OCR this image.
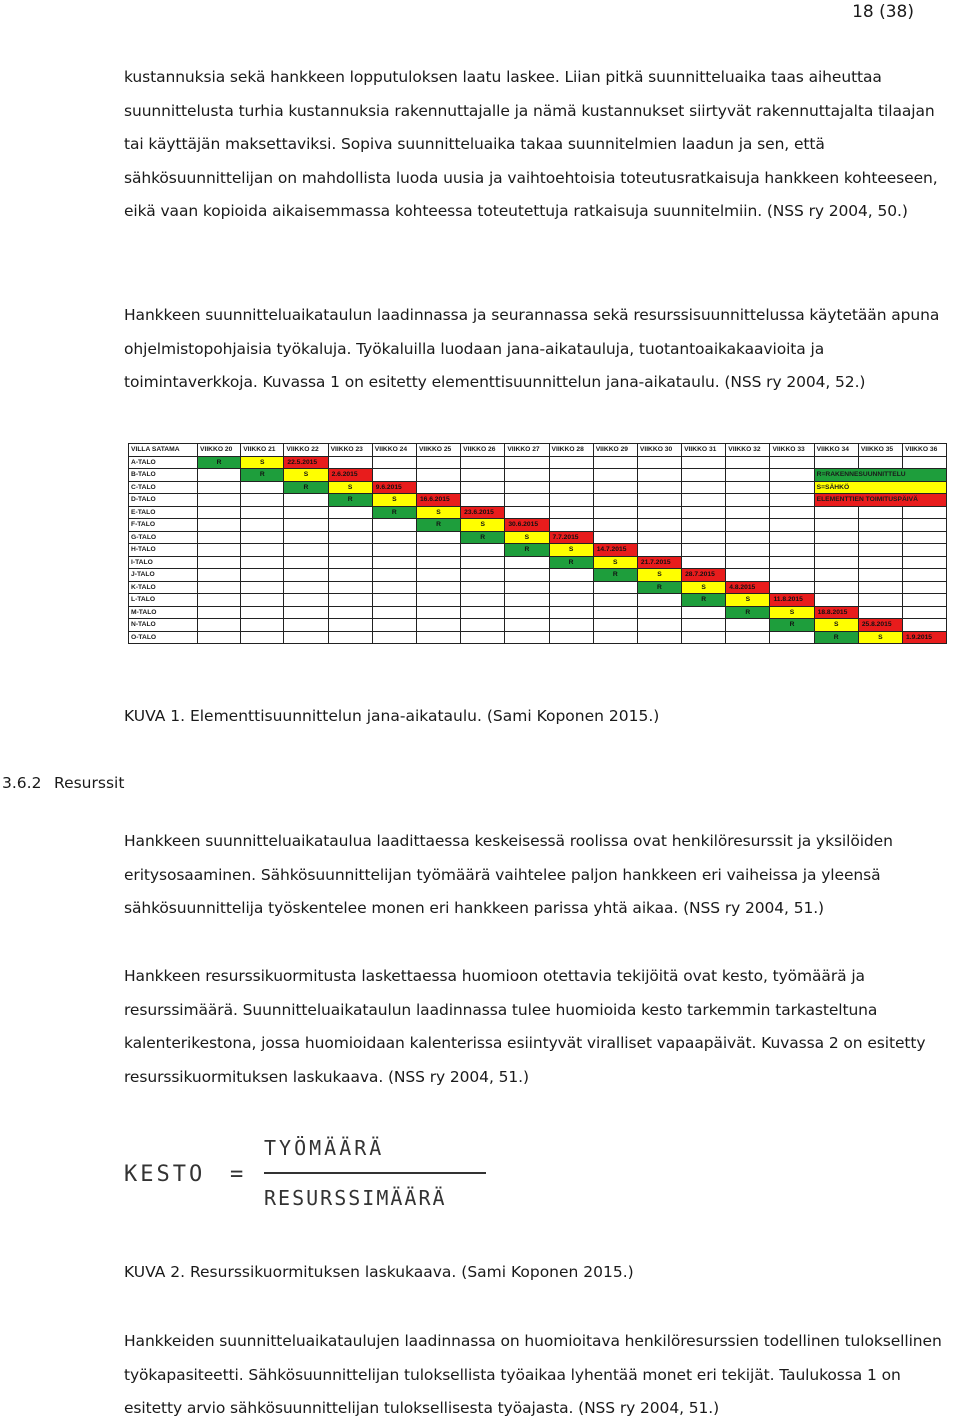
18 (38)

kustannuksia sekä hankkeen lopputuloksen laatu laskee. Liian pitkä suunnitteluaika taas aiheuttaa suunnittelusta turhia kustannuksia rakennuttajalle ja nämä kustannukset siirtyvät rakennuttajalta tilaajan tai käyttäjän maksettaviksi. Sopiva suunnitteluaika takaa suunnitelmien laadun ja sen, että sähkösuunnittelijan on mahdollista luoda uusia ja vaihtoehtoisia toteutusratkaisuja hankkeen kohteeseen, eikä vaan kopioida aikaisemmassa kohteessa toteutettuja ratkaisuja suunnitelmiin. (NSS ry 2004, 50.)

Hankkeen suunnitteluaikataulun laadinnassa ja seurannassa sekä resurssisuunnittelussa käytetään apuna ohjelmistopohjaisia työkaluja. Työkaluilla luodaan jana-aikatauluja, tuotantoaikakaavioita ja toimintaverkkoja. Kuvassa 1 on esitetty elementtisuunnittelun jana-aikataulu. (NSS ry 2004, 52.)

VILLA SATAMA	VIIKKO 20	VIIKKO 21	VIIKKO 22	VIIKKO 23	VIIKKO 24	VIIKKO 25	VIIKKO 26	VIIKKO 27	VIIKKO 28	VIIKKO 29	VIIKKO 30	VIIKKO 31	VIIKKO 32	VIIKKO 33	VIIKKO 34	VIIKKO 35	VIIKKO 36
A-TALO	R	S	22.5.2015														
B-TALO		R	S	2.6.2015											R=RAKENNESUUNNITTELU		
C-TALO			R	S	9.6.2015										S=SÄHKÖ		
D-TALO				R	S	16.6.2015									ELEMENTTIEN TOIMITUSPÄIVÄ		
E-TALO					R	S	23.6.2015										
F-TALO						R	S	30.6.2015									
G-TALO							R	S	7.7.2015								
H-TALO								R	S	14.7.2015							
I-TALO									R	S	21.7.2015						
J-TALO										R	S	28.7.2015					
K-TALO											R	S	4.8.2015				
L-TALO												R	S	11.8.2015			
M-TALO													R	S	18.8.2015		
N-TALO														R	S	25.8.2015	
O-TALO															R	S	1.9.2015

KUVA 1. Elementtisuunnittelun jana-aikataulu. (Sami Koponen 2015.)

3.6.2 Resurssit

Hankkeen suunnitteluaikataulua laadittaessa keskeisessä roolissa ovat henkilöresurssit ja yksilöiden eritysosaaminen. Sähkösuunnittelijan työmäärä vaihtelee paljon hankkeen eri vaiheissa ja yleensä sähkösuunnittelija työskentelee monen eri hankkeen parissa yhtä aikaa. (NSS ry 2004, 51.)

Hankkeen resurssikuormitusta laskettaessa huomioon otettavia tekijöitä ovat kesto, työmäärä ja resurssimäärä. Suunnitteluaikataulun laadinnassa tulee huomioida kesto tarkemmin tarkasteltuna kalenterikestona, jossa huomioidaan kalenterissa esiintyvät viralliset vapaapäivät. Kuvassa 2 on esitetty resurssikuormituksen laskukaava. (NSS ry 2004, 51.)

KESTO =
TYÖMÄÄRÄ
RESURSSIMÄÄRÄ

KUVA 2. Resurssikuormituksen laskukaava. (Sami Koponen 2015.)

Hankkeiden suunnitteluaikataulujen laadinnassa on huomioitava henkilöresurssien todellinen tuloksellinen työkapasiteetti. Sähkösuunnittelijan tuloksellista työaikaa lyhentää monet eri tekijät. Taulukossa 1 on esitetty arvio sähkösuunnittelijan tuloksellisesta työajasta. (NSS ry 2004, 51.)
